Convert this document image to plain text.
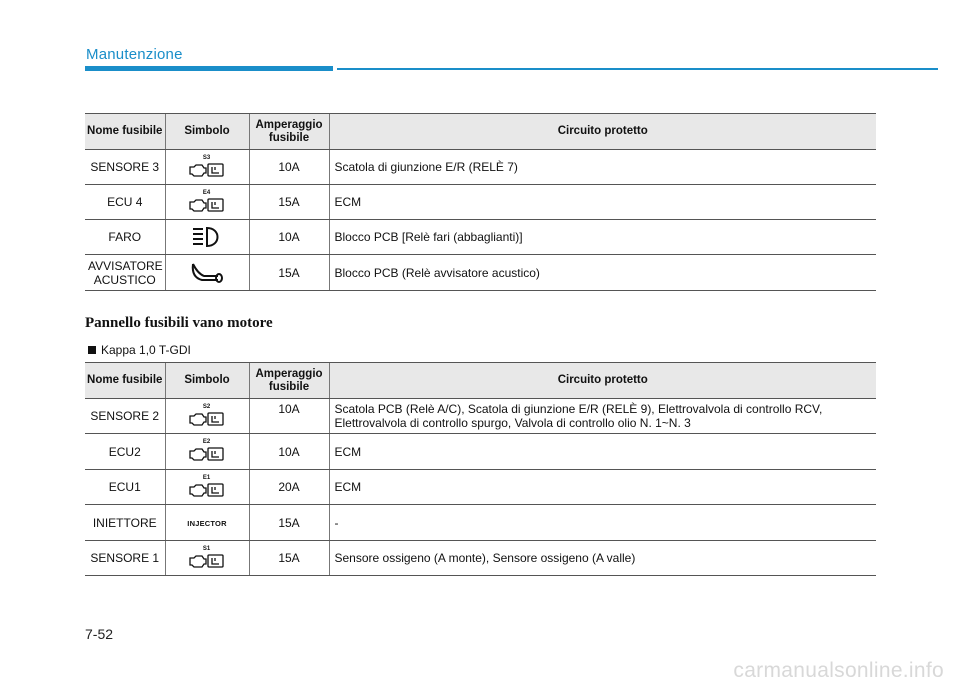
Manutenzione
Nome fusibile	Simbolo	Amperaggio fusibile	Circuito protetto
SENSORE 3	S3	10A	Scatola di giunzione E/R (RELÈ 7)
ECU 4	E4	15A	ECM
FARO		10A	Blocco PCB [Relè fari (abbaglianti)]
AVVISATORE ACUSTICO		15A	Blocco PCB (Relè avvisatore acustico)
Pannello fusibili vano motore
Kappa 1,0 T-GDI
Nome fusibile	Simbolo	Amperaggio fusibile	Circuito protetto
SENSORE 2	S2	10A	Scatola PCB (Relè A/C), Scatola di giunzione E/R (RELÈ 9), Elettrovalvola di controllo RCV, Elettrovalvola di controllo spurgo, Valvola di controllo olio N. 1~N. 3
ECU2	E2	10A	ECM
ECU1	E1	20A	ECM
INIETTORE	INJECTOR	15A	-
SENSORE 1	S1	15A	Sensore ossigeno (A monte), Sensore ossigeno (A valle)
7-52
carmanualsonline.info
